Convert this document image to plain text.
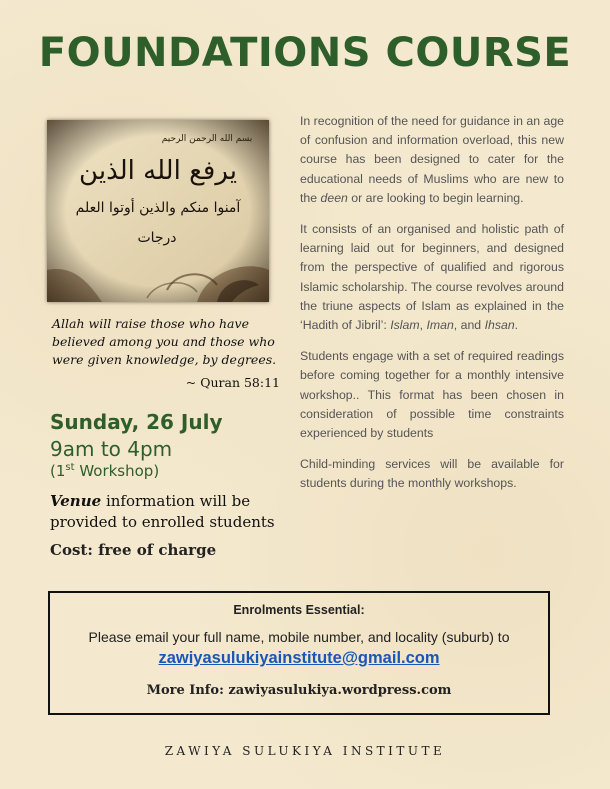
FOUNDATIONS COURSE
بسم الله الرحمن الرحيم
يرفع الله الذين
آمنوا منكم والذين أوتوا العلم
درجات
Allah will raise those who have believed among you and those who were given knowledge, by degrees.
~ Quran 58:11
Sunday, 26 July
9am to 4pm
(1st Workshop)
Venue information will be provided to enrolled students
Cost: free of charge

In recognition of the need for guidance in an age of confusion and information overload, this new course has been designed to cater for the educational needs of Muslims who are new to the deen or are looking to begin learning.

It consists of an organised and holistic path of learning laid out for beginners, and designed from the perspective of qualified and rigorous Islamic scholarship. The course revolves around the triune aspects of Islam as explained in the ‘Hadith of Jibril’: Islam, Iman, and Ihsan.

Students engage with a set of required readings before coming together for a monthly intensive workshop.. This format has been chosen in consideration of possible time constraints experienced by students

Child-minding services will be available for students during the monthly workshops.

Enrolments Essential:
Please email your full name, mobile number, and locality (suburb) to
zawiyasulukiyainstitute@gmail.com
More Info: zawiyasulukiya.wordpress.com
ZAWIYA SULUKIYA INSTITUTE
